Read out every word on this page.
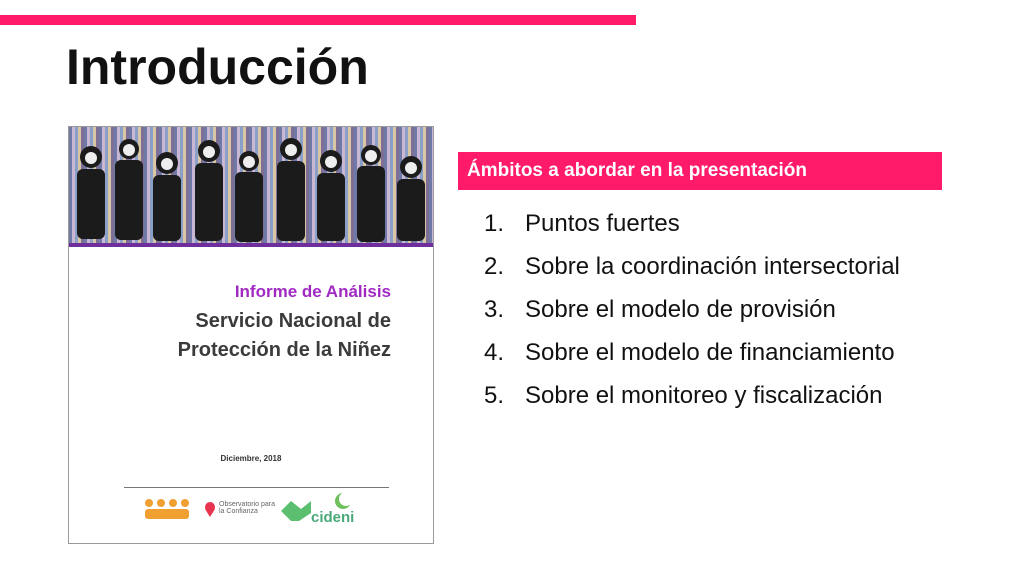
Introducción
Informe de Análisis
Servicio Nacional de
Protección de la Niñez
Diciembre, 2018
Observatorio para la Confianza	cideni
Ámbitos a abordar en la presentación
1. Puntos fuertes
2. Sobre la coordinación intersectorial
3. Sobre el modelo de provisión
4. Sobre el modelo de financiamiento
5. Sobre el monitoreo y fiscalización
